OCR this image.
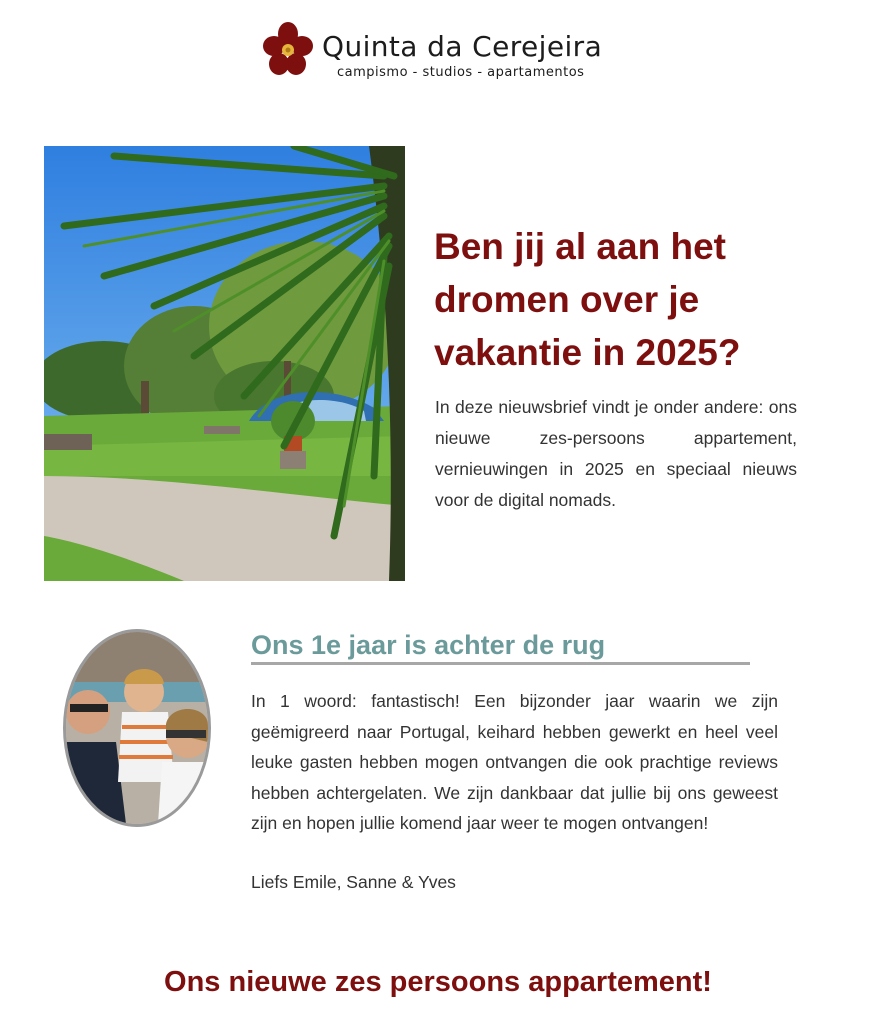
Quinta da Cerejeira
campismo - studios - apartamentos
Ben jij al aan het dromen over je vakantie in 2025?

In deze nieuwsbrief vindt je onder andere: ons nieuwe zes-persoons appartement, vernieuwingen in 2025 en speciaal nieuws voor de digital nomads.

Ons 1e jaar is achter de rug

In 1 woord: fantastisch! Een bijzonder jaar waarin we zijn geëmigreerd naar Portugal, keihard hebben gewerkt en heel veel leuke gasten hebben mogen ontvangen die ook prachtige reviews hebben achtergelaten. We zijn dankbaar dat jullie bij ons geweest zijn en hopen jullie komend jaar weer te mogen ontvangen!

Liefs Emile, Sanne & Yves
Ons nieuwe zes persoons appartement!
